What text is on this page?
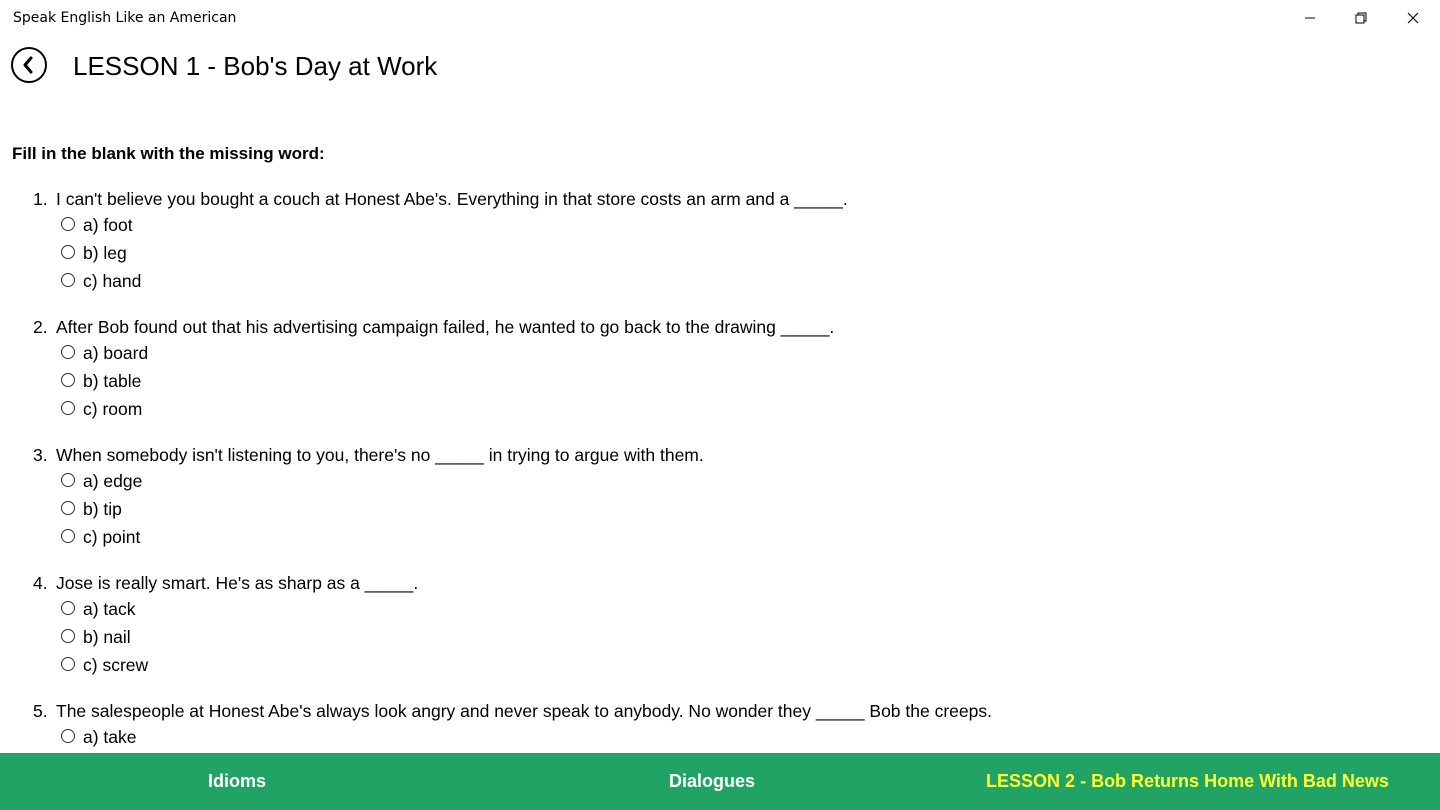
Speak English Like an American
LESSON 1 - Bob's Day at Work
Fill in the blank with the missing word:
1. I can't believe you bought a couch at Honest Abe's. Everything in that store costs an arm and a _____.
a) foot
b) leg
c) hand
2. After Bob found out that his advertising campaign failed, he wanted to go back to the drawing _____.
a) board
b) table
c) room
3. When somebody isn't listening to you, there's no _____ in trying to argue with them.
a) edge
b) tip
c) point
4. Jose is really smart. He's as sharp as a _____.
a) tack
b) nail
c) screw
5. The salespeople at Honest Abe's always look angry and never speak to anybody. No wonder they _____ Bob the creeps.
a) take
Idioms	Dialogues	LESSON 2 - Bob Returns Home With Bad News
